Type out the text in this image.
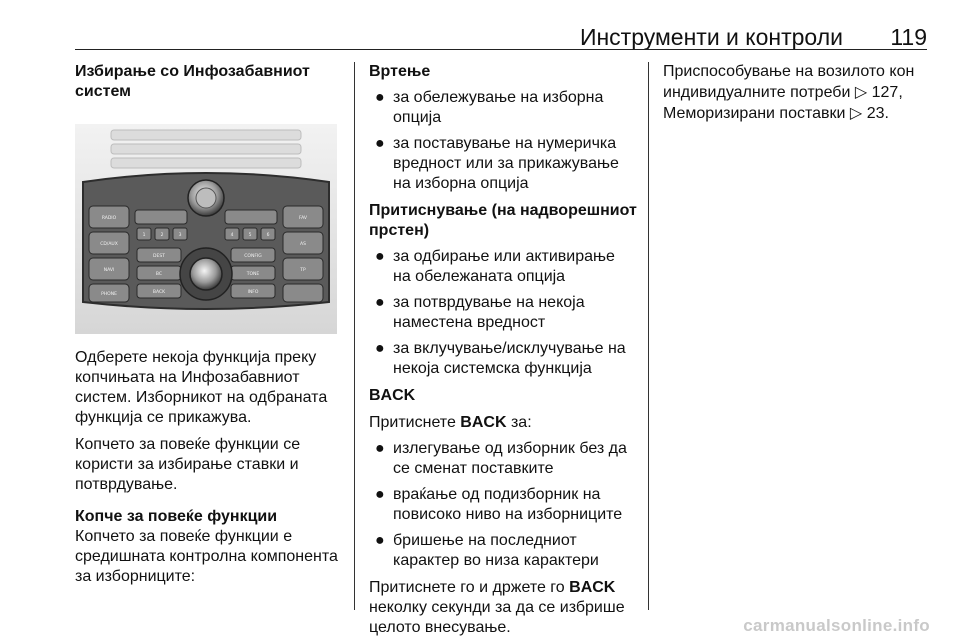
Инструменти и контроли 119
Избирање со Инфозабавниот систем
RADIO
CD/AUX
NAVI
PHONE
FAV
AS
TP
DEST	CONFIG
BC	TONE
BACK	INFO
1	2	3	4	5	6

Одберете некоја функција преку копчињата на Инфозабавниот систем. Изборникот на одбраната функција се прикажува.

Копчето за повеќе функции се користи за избирање ставки и потврдување.

Копче за повеќе функции

Копчето за повеќе функции е средишната контролна компонента за изборниците:

Вртење
● за обележување на изборна опција
● за поставување на нумеричка вредност или за прикажување на изборна опција
Притиснување (на надворешниот прстен)
● за одбирање или активирање на обележаната опција
● за потврдување на некоја наместена вредност
● за вклучување/исклучување на некоја системска функција
BACK

Притиснете BACK за:

● излегување од изборник без да се сменат поставките
● враќање од подизборник на повисоко ниво на изборниците
● бришење на последниот карактер во низа карактери

Притиснете го и држете го BACK неколку секунди за да се избрише целото внесување.

Приспособување на возилото кон индивидуалните потреби ▷ 127,

Меморизирани поставки ▷ 23.

carmanualsonline.info
